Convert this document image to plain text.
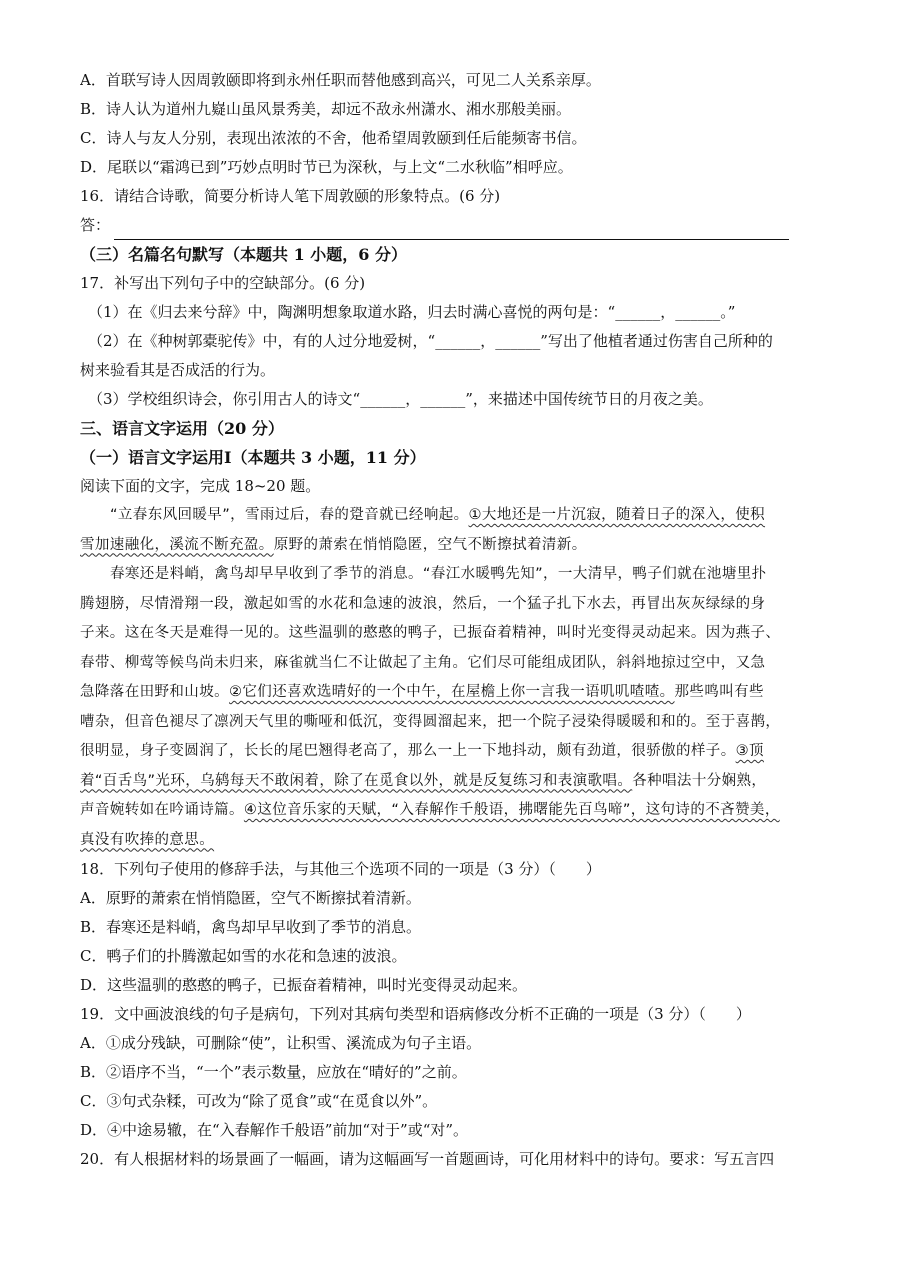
A．首联写诗人因周敦颐即将到永州任职而替他感到高兴，可见二人关系亲厚。
B．诗人认为道州九嶷山虽风景秀美，却远不敌永州潇水、湘水那般美丽。
C．诗人与友人分别，表现出浓浓的不舍，他希望周敦颐到任后能频寄书信。
D．尾联以“霜鸿已到”巧妙点明时节已为深秋，与上文“二水秋临”相呼应。
16．请结合诗歌，简要分析诗人笔下周敦颐的形象特点。(6 分)
答：
（三）名篇名句默写（本题共 1 小题，6 分）
17．补写出下列句子中的空缺部分。(6 分)
（1）在《归去来兮辞》中，陶渊明想象取道水路，归去时满心喜悦的两句是：“______，______。”
（2）在《种树郭橐驼传》中，有的人过分地爱树，“______，______”写出了他植者通过伤害自己所种的
树来验看其是否成活的行为。
（3）学校组织诗会，你引用古人的诗文“______，______”，来描述中国传统节日的月夜之美。
三、语言文字运用（20 分）
（一）语言文字运用Ⅰ（本题共 3 小题，11 分）
阅读下面的文字，完成 18~20 题。
“立春东风回暖早”，雪雨过后，春的跫音就已经响起。①大地还是一片沉寂，随着日子的深入，使积
雪加速融化，溪流不断充盈。原野的萧索在悄悄隐匿，空气不断擦拭着清新。
春寒还是料峭，禽鸟却早早收到了季节的消息。“春江水暖鸭先知”，一大清早，鸭子们就在池塘里扑
腾翅膀，尽情滑翔一段，激起如雪的水花和急速的波浪，然后，一个猛子扎下水去，再冒出灰灰绿绿的身
子来。这在冬天是难得一见的。这些温驯的憨憨的鸭子，已振奋着精神，叫时光变得灵动起来。因为燕子、
春带、柳莺等候鸟尚未归来，麻雀就当仁不让做起了主角。它们尽可能组成团队，斜斜地掠过空中，又急
急降落在田野和山坡。②它们还喜欢选晴好的一个中午，在屋檐上你一言我一语叽叽喳喳。那些鸣叫有些
嘈杂，但音色褪尽了凛冽天气里的嘶哑和低沉，变得圆溜起来，把一个院子浸染得暖暖和和的。至于喜鹊，
很明显，身子变圆润了，长长的尾巴翘得老高了，那么一上一下地抖动，颇有劲道，很骄傲的样子。③顶
着“百舌鸟”光环，乌鸫每天不敢闲着，除了在觅食以外，就是反复练习和表演歌唱。各种唱法十分娴熟，
声音婉转如在吟诵诗篇。④这位音乐家的天赋，“入春解作千般语，拂曙能先百鸟啼”，这句诗的不吝赞美，
真没有吹捧的意思。
18．下列句子使用的修辞手法，与其他三个选项不同的一项是（3 分）（　　）
A．原野的萧索在悄悄隐匿，空气不断擦拭着清新。
B．春寒还是料峭，禽鸟却早早收到了季节的消息。
C．鸭子们的扑腾激起如雪的水花和急速的波浪。
D．这些温驯的憨憨的鸭子，已振奋着精神，叫时光变得灵动起来。
19．文中画波浪线的句子是病句，下列对其病句类型和语病修改分析不正确的一项是（3 分）（　　）
A．①成分残缺，可删除“使”，让积雪、溪流成为句子主语。
B．②语序不当，“一个”表示数量，应放在“晴好的”之前。
C．③句式杂糅，可改为“除了觅食”或“在觅食以外”。
D．④中途易辙，在“入春解作千般语”前加“对于”或“对”。
20．有人根据材料的场景画了一幅画，请为这幅画写一首题画诗，可化用材料中的诗句。要求：写五言四
